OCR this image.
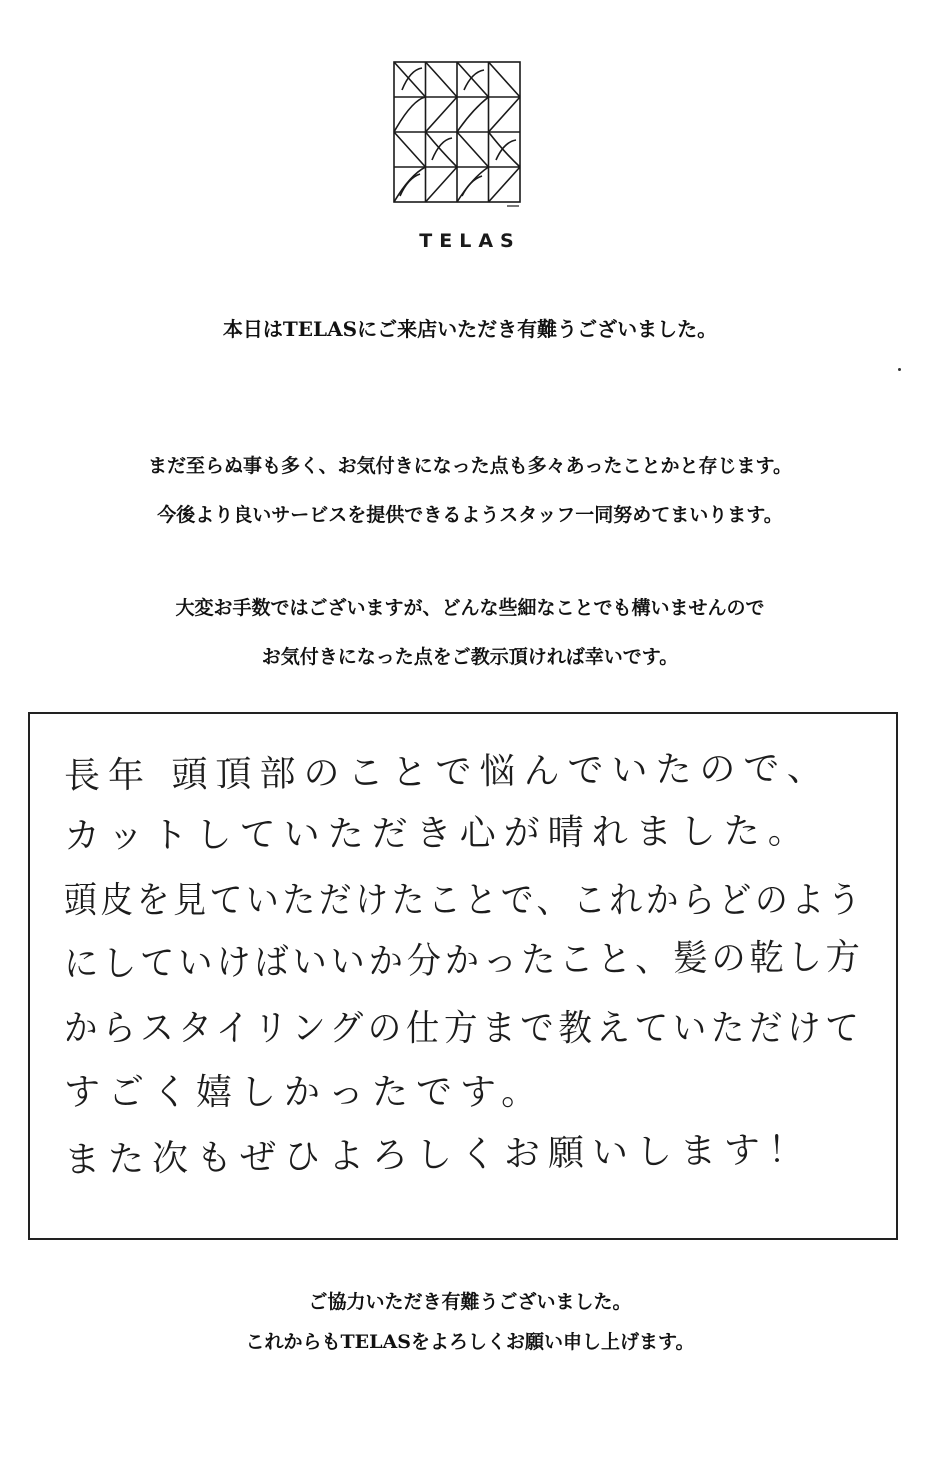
TELAS
本日はTELASにご来店いただき有難うございました。
まだ至らぬ事も多く、お気付きになった点も多々あったことかと存じます。
今後より良いサービスを提供できるようスタッフ一同努めてまいります。
大変お手数ではございますが、どんな些細なことでも構いませんので
お気付きになった点をご教示頂ければ幸いです。
長年 頭頂部のことで悩んでいたので、
カットしていただき心が晴れました。
頭皮を見ていただけたことで、これからどのよう
にしていけばいいか分かったこと、髪の乾し方
からスタイリングの仕方まで教えていただけて
すごく嬉しかったです。
また次もぜひよろしくお願いします！
ご協力いただき有難うございました。
これからもTELASをよろしくお願い申し上げます。
